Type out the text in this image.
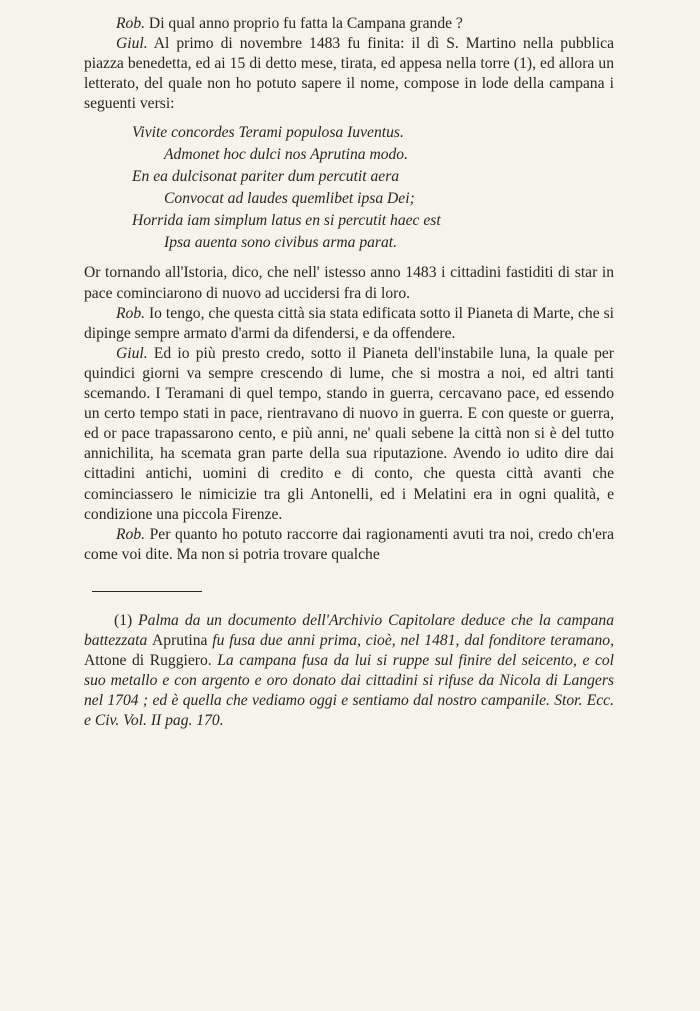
Rob. Di qual anno proprio fu fatta la Campana grande ?

Giul. Al primo di novembre 1483 fu finita: il dì S. Martino nella pubblica piazza benedetta, ed ai 15 di detto mese, tirata, ed appesa nella torre (1), ed allora un letterato, del quale non ho potuto sapere il nome, compose in lode della campana i seguenti versi:

Vivite concordes Terami populosa Iuventus.

Admonet hoc dulci nos Aprutina modo.

En ea dulcisonat pariter dum percutit aera

Convocat ad laudes quemlibet ipsa Dei;

Horrida iam simplum latus en si percutit haec est

Ipsa auenta sono civibus arma parat.

Or tornando all'Istoria, dico, che nell' istesso anno 1483 i cittadini fastiditi di star in pace cominciarono di nuovo ad uccidersi fra di loro.

Rob. Io tengo, che questa città sia stata edificata sotto il Pianeta di Marte, che si dipinge sempre armato d'armi da difendersi, e da offendere.

Giul. Ed io più presto credo, sotto il Pianeta dell'instabile luna, la quale per quindici giorni va sempre crescendo di lume, che si mostra a noi, ed altri tanti scemando. I Teramani di quel tempo, stando in guerra, cercavano pace, ed essendo un certo tempo stati in pace, rientravano di nuovo in guerra. E con queste or guerra, ed or pace trapassarono cento, e più anni, ne' quali sebene la città non si è del tutto annichilita, ha scemata gran parte della sua riputazione. Avendo io udito dire dai cittadini antichi, uomini di credito e di conto, che questa città avanti che cominciassero le nimicizie tra gli Antonelli, ed i Melatini era in ogni qualità, e condizione una piccola Firenze.

Rob. Per quanto ho potuto raccorre dai ragionamenti avuti tra noi, credo ch'era come voi dite. Ma non si potria trovare qualche

(1) Palma da un documento dell'Archivio Capitolare deduce che la campana battezzata Aprutina fu fusa due anni prima, cioè, nel 1481, dal fonditore teramano, Attone di Ruggiero. La campana fusa da lui si ruppe sul finire del seicento, e col suo metallo e con argento e oro donato dai cittadini si rifuse da Nicola di Langers nel 1704 ; ed è quella che vediamo oggi e sentiamo dal nostro campanile. Stor. Ecc. e Civ. Vol. II pag. 170.
